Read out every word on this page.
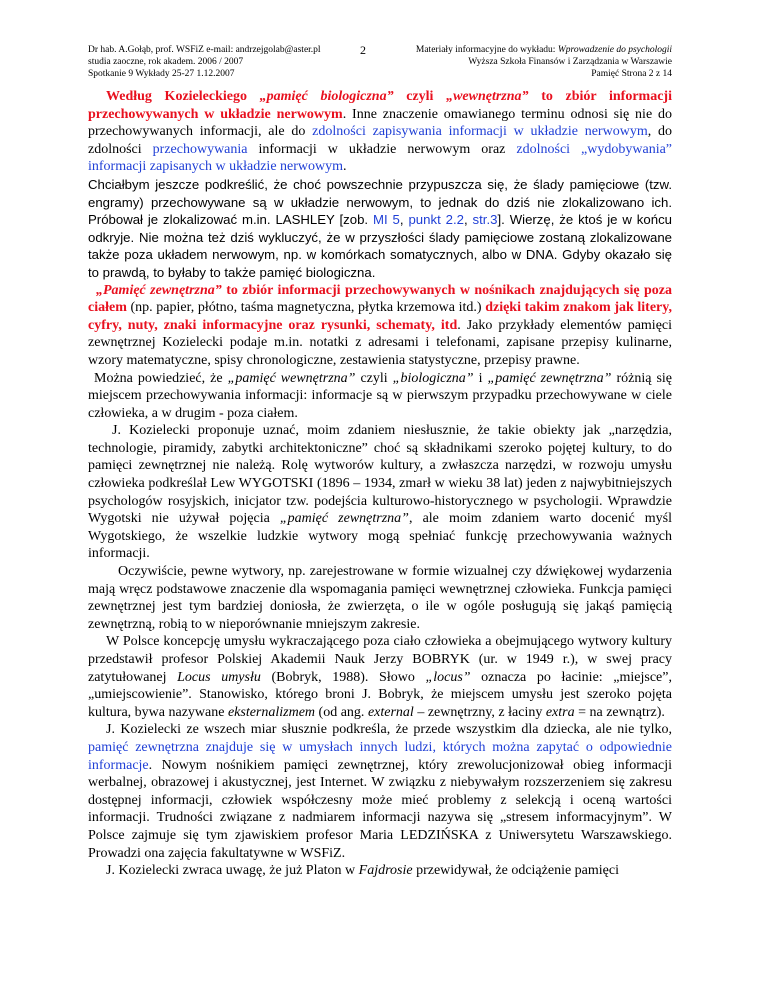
Dr hab. A.Gołąb, prof. WSFiZ e-mail: andrzejgolab@aster.pl
studia zaoczne, rok akadem. 2006 / 2007
Spotkanie 9 Wykłady 25-27 1.12.2007
2	Materiały informacyjne do wykładu: Wprowadzenie do psychologii
Wyższa Szkoła Finansów i Zarządzania w Warszawie
Pamięć Strona 2 z 14

Według Kozieleckiego „pamięć biologiczna” czyli „wewnętrzna” to zbiór informacji przechowywanych w układzie nerwowym. Inne znaczenie omawianego terminu odnosi się nie do przechowywanych informacji, ale do zdolności zapisywania informacji w układzie nerwowym, do zdolności przechowywania informacji w układzie nerwowym oraz zdolności „wydobywania” informacji zapisanych w układzie nerwowym.

Chciałbym jeszcze podkreślić, że choć powszechnie przypuszcza się, że ślady pamięciowe (tzw. engramy) przechowywane są w układzie nerwowym, to jednak do dziś nie zlokalizowano ich. Próbował je zlokalizować m.in. LASHLEY [zob. MI 5, punkt 2.2, str.3]. Wierzę, że ktoś je w końcu odkryje. Nie można też dziś wykluczyć, że w przyszłości ślady pamięciowe zostaną zlokalizowane także poza układem nerwowym, np. w komórkach somatycznych, albo w DNA. Gdyby okazało się to prawdą, to byłaby to także pamięć biologiczna.

„Pamięć zewnętrzna” to zbiór informacji przechowywanych w nośnikach znajdujących się poza ciałem (np. papier, płótno, taśma magnetyczna, płytka krzemowa itd.) dzięki takim znakom jak litery, cyfry, nuty, znaki informacyjne oraz rysunki, schematy, itd. Jako przykłady elementów pamięci zewnętrznej Kozielecki podaje m.in. notatki z adresami i telefonami, zapisane przepisy kulinarne, wzory matematyczne, spisy chronologiczne, zestawienia statystyczne, przepisy prawne.

Można powiedzieć, że „pamięć wewnętrzna” czyli „biologiczna” i „pamięć zewnętrzna” różnią się miejscem przechowywania informacji: informacje są w pierwszym przypadku przechowywane w ciele człowieka, a w drugim - poza ciałem.

J. Kozielecki proponuje uznać, moim zdaniem niesłusznie, że takie obiekty jak „narzędzia, technologie, piramidy, zabytki architektoniczne” choć są składnikami szeroko pojętej kultury, to do pamięci zewnętrznej nie należą. Rolę wytworów kultury, a zwłaszcza narzędzi, w rozwoju umysłu człowieka podkreślał Lew WYGOTSKI (1896 – 1934, zmarł w wieku 38 lat) jeden z najwybitniejszych psychologów rosyjskich, inicjator tzw. podejścia kulturowo-historycznego w psychologii. Wprawdzie Wygotski nie używał pojęcia „pamięć zewnętrzna”, ale moim zdaniem warto docenić myśl Wygotskiego, że wszelkie ludzkie wytwory mogą spełniać funkcję przechowywania ważnych informacji.

Oczywiście, pewne wytwory, np. zarejestrowane w formie wizualnej czy dźwiękowej wydarzenia mają wręcz podstawowe znaczenie dla wspomagania pamięci wewnętrznej człowieka. Funkcja pamięci zewnętrznej jest tym bardziej doniosła, że zwierzęta, o ile w ogóle posługują się jakąś pamięcią zewnętrzną, robią to w nieporównanie mniejszym zakresie.

W Polsce koncepcję umysłu wykraczającego poza ciało człowieka a obejmującego wytwory kultury przedstawił profesor Polskiej Akademii Nauk Jerzy BOBRYK (ur. w 1949 r.), w swej pracy zatytułowanej Locus umysłu (Bobryk, 1988). Słowo „locus” oznacza po łacinie: „miejsce”, „umiejscowienie”. Stanowisko, którego broni J. Bobryk, że miejscem umysłu jest szeroko pojęta kultura, bywa nazywane eksternalizmem (od ang. external – zewnętrzny, z łaciny extra = na zewnątrz).

J. Kozielecki ze wszech miar słusznie podkreśla, że przede wszystkim dla dziecka, ale nie tylko, pamięć zewnętrzna znajduje się w umysłach innych ludzi, których można zapytać o odpowiednie informacje. Nowym nośnikiem pamięci zewnętrznej, który zrewolucjonizował obieg informacji werbalnej, obrazowej i akustycznej, jest Internet. W związku z niebywałym rozszerzeniem się zakresu dostępnej informacji, człowiek współczesny może mieć problemy z selekcją i oceną wartości informacji. Trudności związane z nadmiarem informacji nazywa się „stresem informacyjnym”. W Polsce zajmuje się tym zjawiskiem profesor Maria LEDZIŃSKA z Uniwersytetu Warszawskiego. Prowadzi ona zajęcia fakultatywne w WSFiZ.

J. Kozielecki zwraca uwagę, że już Platon w Fajdrosie przewidywał, że odciążenie pamięci
